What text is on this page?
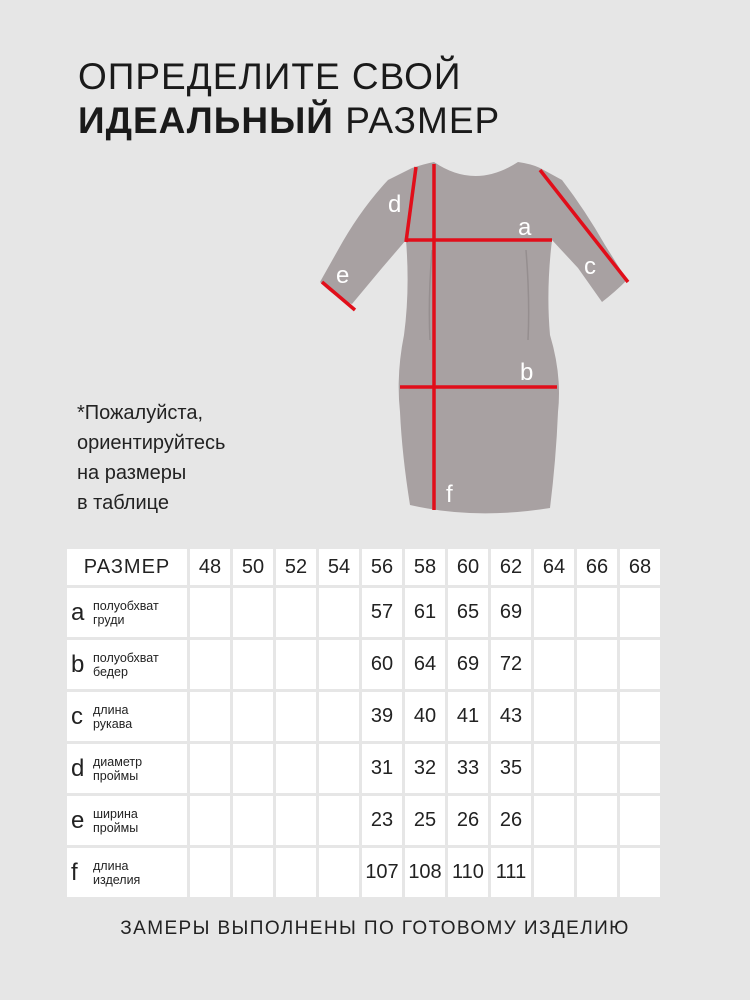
ОПРЕДЕЛИТЕ СВОЙ
ИДЕАЛЬНЫЙ РАЗМЕР
*Пожалуйста,
ориентируйтесь
на размеры
в таблице
d
a
c
e
b
f
РАЗМЕР	48	50	52	54	56	58	60	62	64	66	68

a полуобхват
груди					57	61	65	69			

b полуобхват
бедер					60	64	69	72			

c длина
рукава					39	40	41	43			

d диаметр
проймы					31	32	33	35			

e ширина
проймы					23	25	26	26			

f длина
изделия					107	108	110	111			
ЗАМЕРЫ ВЫПОЛНЕНЫ ПО ГОТОВОМУ ИЗДЕЛИЮ
